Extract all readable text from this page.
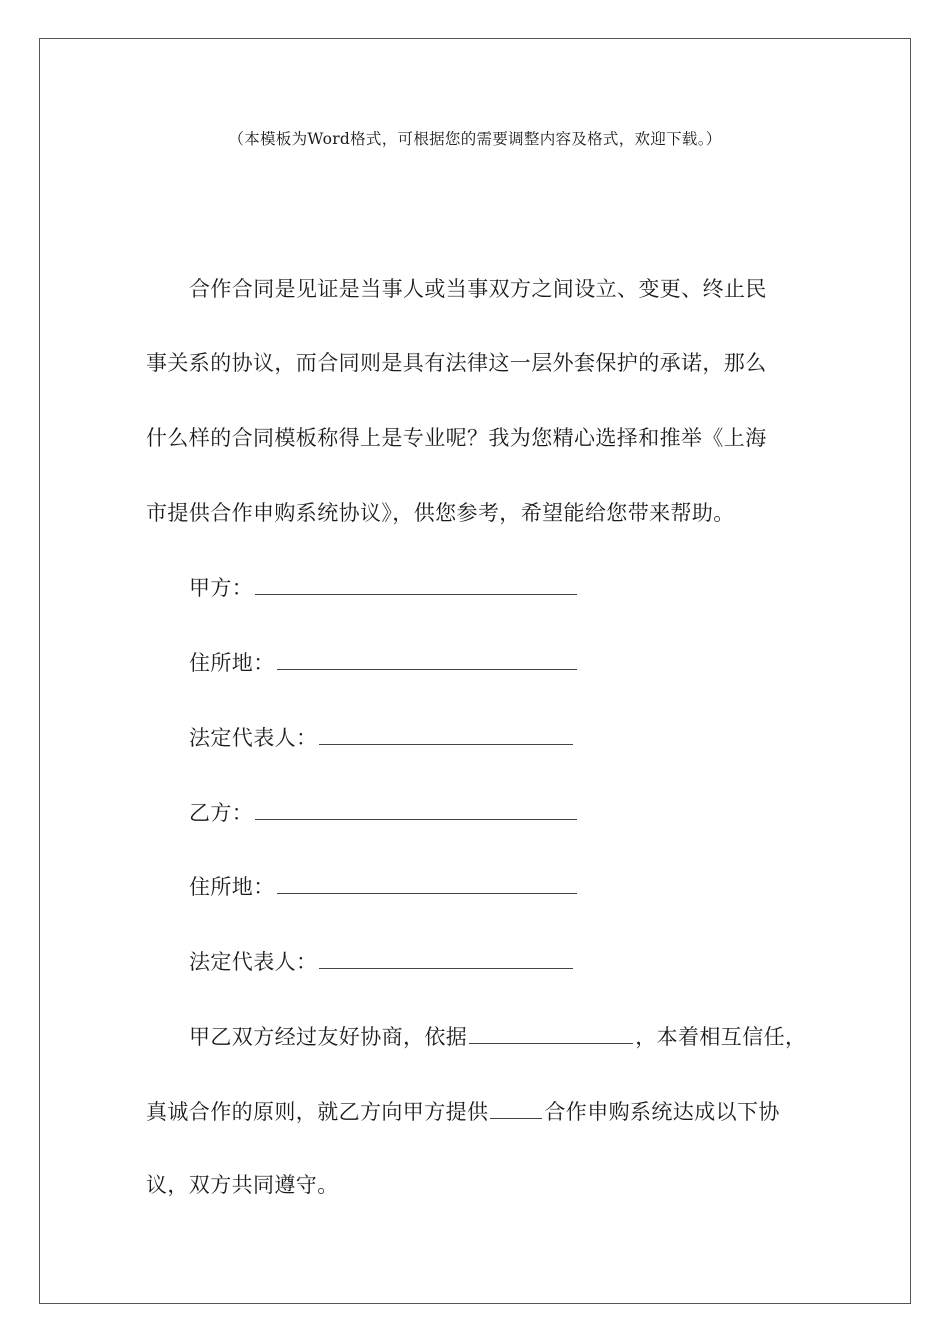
（本模板为Word格式，可根据您的需要调整内容及格式，欢迎下载。）
合作合同是见证是当事人或当事双方之间设立、变更、终止民
事关系的协议，而合同则是具有法律这一层外套保护的承诺，那么
什么样的合同模板称得上是专业呢？我为您精心选择和推举《上海
市提供合作申购系统协议》，供您参考，希望能给您带来帮助。
甲方：
住所地：
法定代表人：
乙方：
住所地：
法定代表人：
甲乙双方经过友好协商，依据	，本着相互信任，
真诚合作的原则，就乙方向甲方提供	合作申购系统达成以下协
议，双方共同遵守。
